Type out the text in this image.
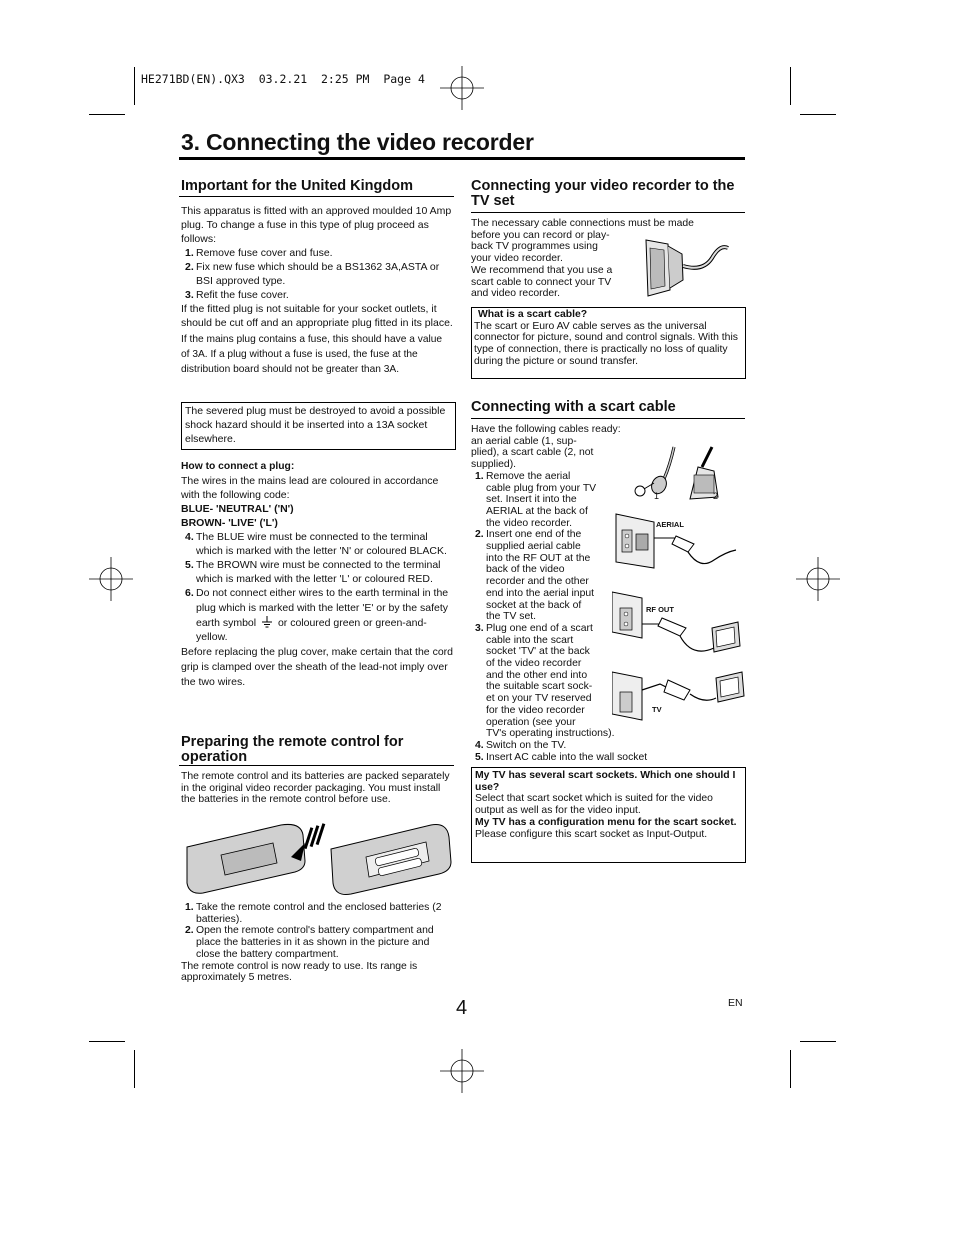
HE271BD(EN).QX3  03.2.21  2:25 PM  Page 4
3. Connecting the video recorder
Important for the United Kingdom
This apparatus is fitted with an approved moulded 10 Amp plug. To change a fuse in this type of plug proceed as follows:
1. Remove fuse cover and fuse.
2. Fix new fuse which should be a BS1362 3A,ASTA or BSI approved type.
3. Refit the fuse cover.
If the fitted plug is not suitable for your socket outlets, it should be cut off and an appropriate plug fitted in its place.
If the mains plug contains a fuse, this should have a value of 3A. If a plug without a fuse is used, the fuse at the distribution board should not be greater than 3A.
The severed plug must be destroyed to avoid a possible shock hazard should it be inserted into a 13A socket elsewhere.
How to connect a plug:
The wires in the mains lead are coloured in accordance with the following code:
BLUE- 'NEUTRAL' ('N')
BROWN- 'LIVE' ('L')
4. The BLUE wire must be connected to the terminal which is marked with the letter 'N' or coloured BLACK.
5. The BROWN wire must be connected to the terminal which is marked with the letter 'L' or coloured RED.
6. Do not connect either wires to the earth terminal in the plug which is marked with the letter 'E' or by the safety earth symbol or coloured green or green-and-yellow.
Before replacing the plug cover, make certain that the cord grip is clamped over the sheath of the lead-not imply over the two wires.
Preparing the remote control for operation
The remote control and its batteries are packed separately in the original video recorder packaging. You must install the batteries in the remote control before use.
1. Take the remote control and the enclosed batteries (2 batteries).
2. Open the remote control's battery compartment and place the batteries in it as shown in the picture and close the battery compartment.
The remote control is now ready to use. Its range is approximately 5 metres.
Connecting your video recorder to the TV set
The necessary cable connections must be made
before you can record or play-
back TV programmes using
your video recorder.
We recommend that you use a
scart cable to connect your TV
and video recorder.
What is a scart cable?
The scart or Euro AV cable serves as the universal connector for picture, sound and control signals. With this type of connection, there is practically no loss of quality during the picture or sound transfer.
Connecting with a scart cable
Have the following cables ready:
an aerial cable (1, sup-
plied), a scart cable (2, not
supplied).
1. Remove the aerial
cable plug from your TV
set. Insert it into the
AERIAL at the back of
the video recorder.
2. Insert one end of the
supplied aerial cable
into the RF OUT at the
back of the video
recorder and the other
end into the aerial input
socket at the back of
the TV set.
3. Plug one end of a scart
cable into the scart
socket 'TV' at the back
of the video recorder
and the other end into
the suitable scart sock-
et on your TV reserved
for the video recorder
operation (see your
TV's operating instructions).
4. Switch on the TV.
5. Insert AC cable into the wall socket
1	2
AERIAL
RF OUT
TV
My TV has several scart sockets. Which one should I use?
Select that scart socket which is suited for the video output as well as for the video input.
My TV has a configuration menu for the scart socket.
Please configure this scart socket as Input-Output.
4	EN
